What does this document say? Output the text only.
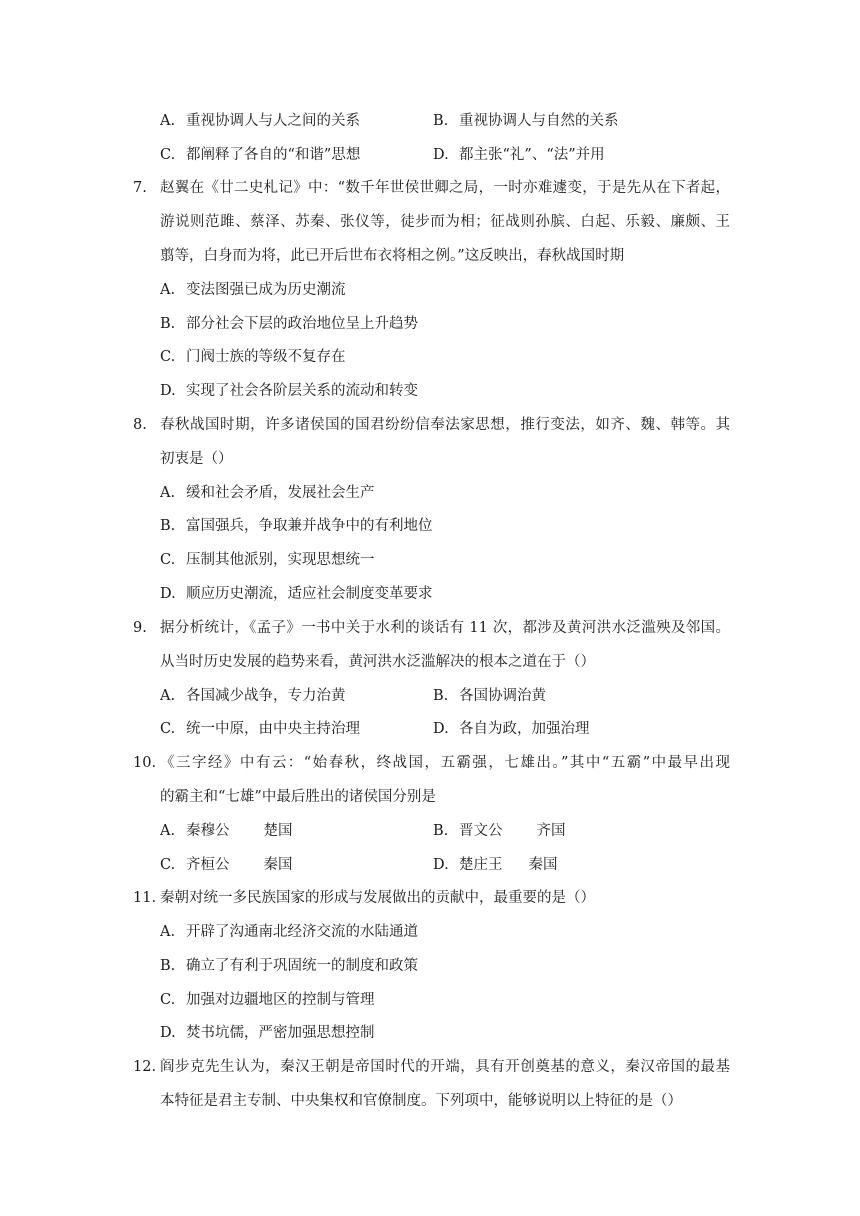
A. 重视协调人与人之间的关系	B. 重视协调人与自然的关系
C. 都阐释了各自的“和谐”思想	D. 都主张“礼”、“法”并用
7. 赵翼在《廿二史札记》中：“数千年世侯世卿之局，一时亦难遽变，于是先从在下者起，
游说则范雎、蔡泽、苏秦、张仪等，徒步而为相；征战则孙膑、白起、乐毅、廉颇、王
翦等，白身而为将，此已开后世布衣将相之例。”这反映出，春秋战国时期
A. 变法图强已成为历史潮流
B. 部分社会下层的政治地位呈上升趋势
C. 门阀士族的等级不复存在
D. 实现了社会各阶层关系的流动和转变
8. 春秋战国时期，许多诸侯国的国君纷纷信奉法家思想，推行变法，如齐、魏、韩等。其
初衷是（）
A. 缓和社会矛盾，发展社会生产
B. 富国强兵，争取兼并战争中的有利地位
C. 压制其他派别，实现思想统一
D. 顺应历史潮流，适应社会制度变革要求
9. 据分析统计，《孟子》一书中关于水利的谈话有 11 次，都涉及黄河洪水泛滥殃及邻国。
从当时历史发展的趋势来看，黄河洪水泛滥解决的根本之道在于（）
A. 各国减少战争，专力治黄	B. 各国协调治黄
C. 统一中原，由中央主持治理	D. 各自为政，加强治理
10. 《三字经》中有云：“始春秋，终战国，五霸强，七雄出。”其中“五霸”中最早出现
的霸主和“七雄”中最后胜出的诸侯国分别是
A. 秦穆公 楚国	B. 晋文公 齐国
C. 齐桓公 秦国	D. 楚庄王 秦国
11. 秦朝对统一多民族国家的形成与发展做出的贡献中，最重要的是（）
A. 开辟了沟通南北经济交流的水陆通道
B. 确立了有利于巩固统一的制度和政策
C. 加强对边疆地区的控制与管理
D. 焚书坑儒，严密加强思想控制
12. 阎步克先生认为，秦汉王朝是帝国时代的开端，具有开创奠基的意义，秦汉帝国的最基
本特征是君主专制、中央集权和官僚制度。下列项中，能够说明以上特征的是（）
